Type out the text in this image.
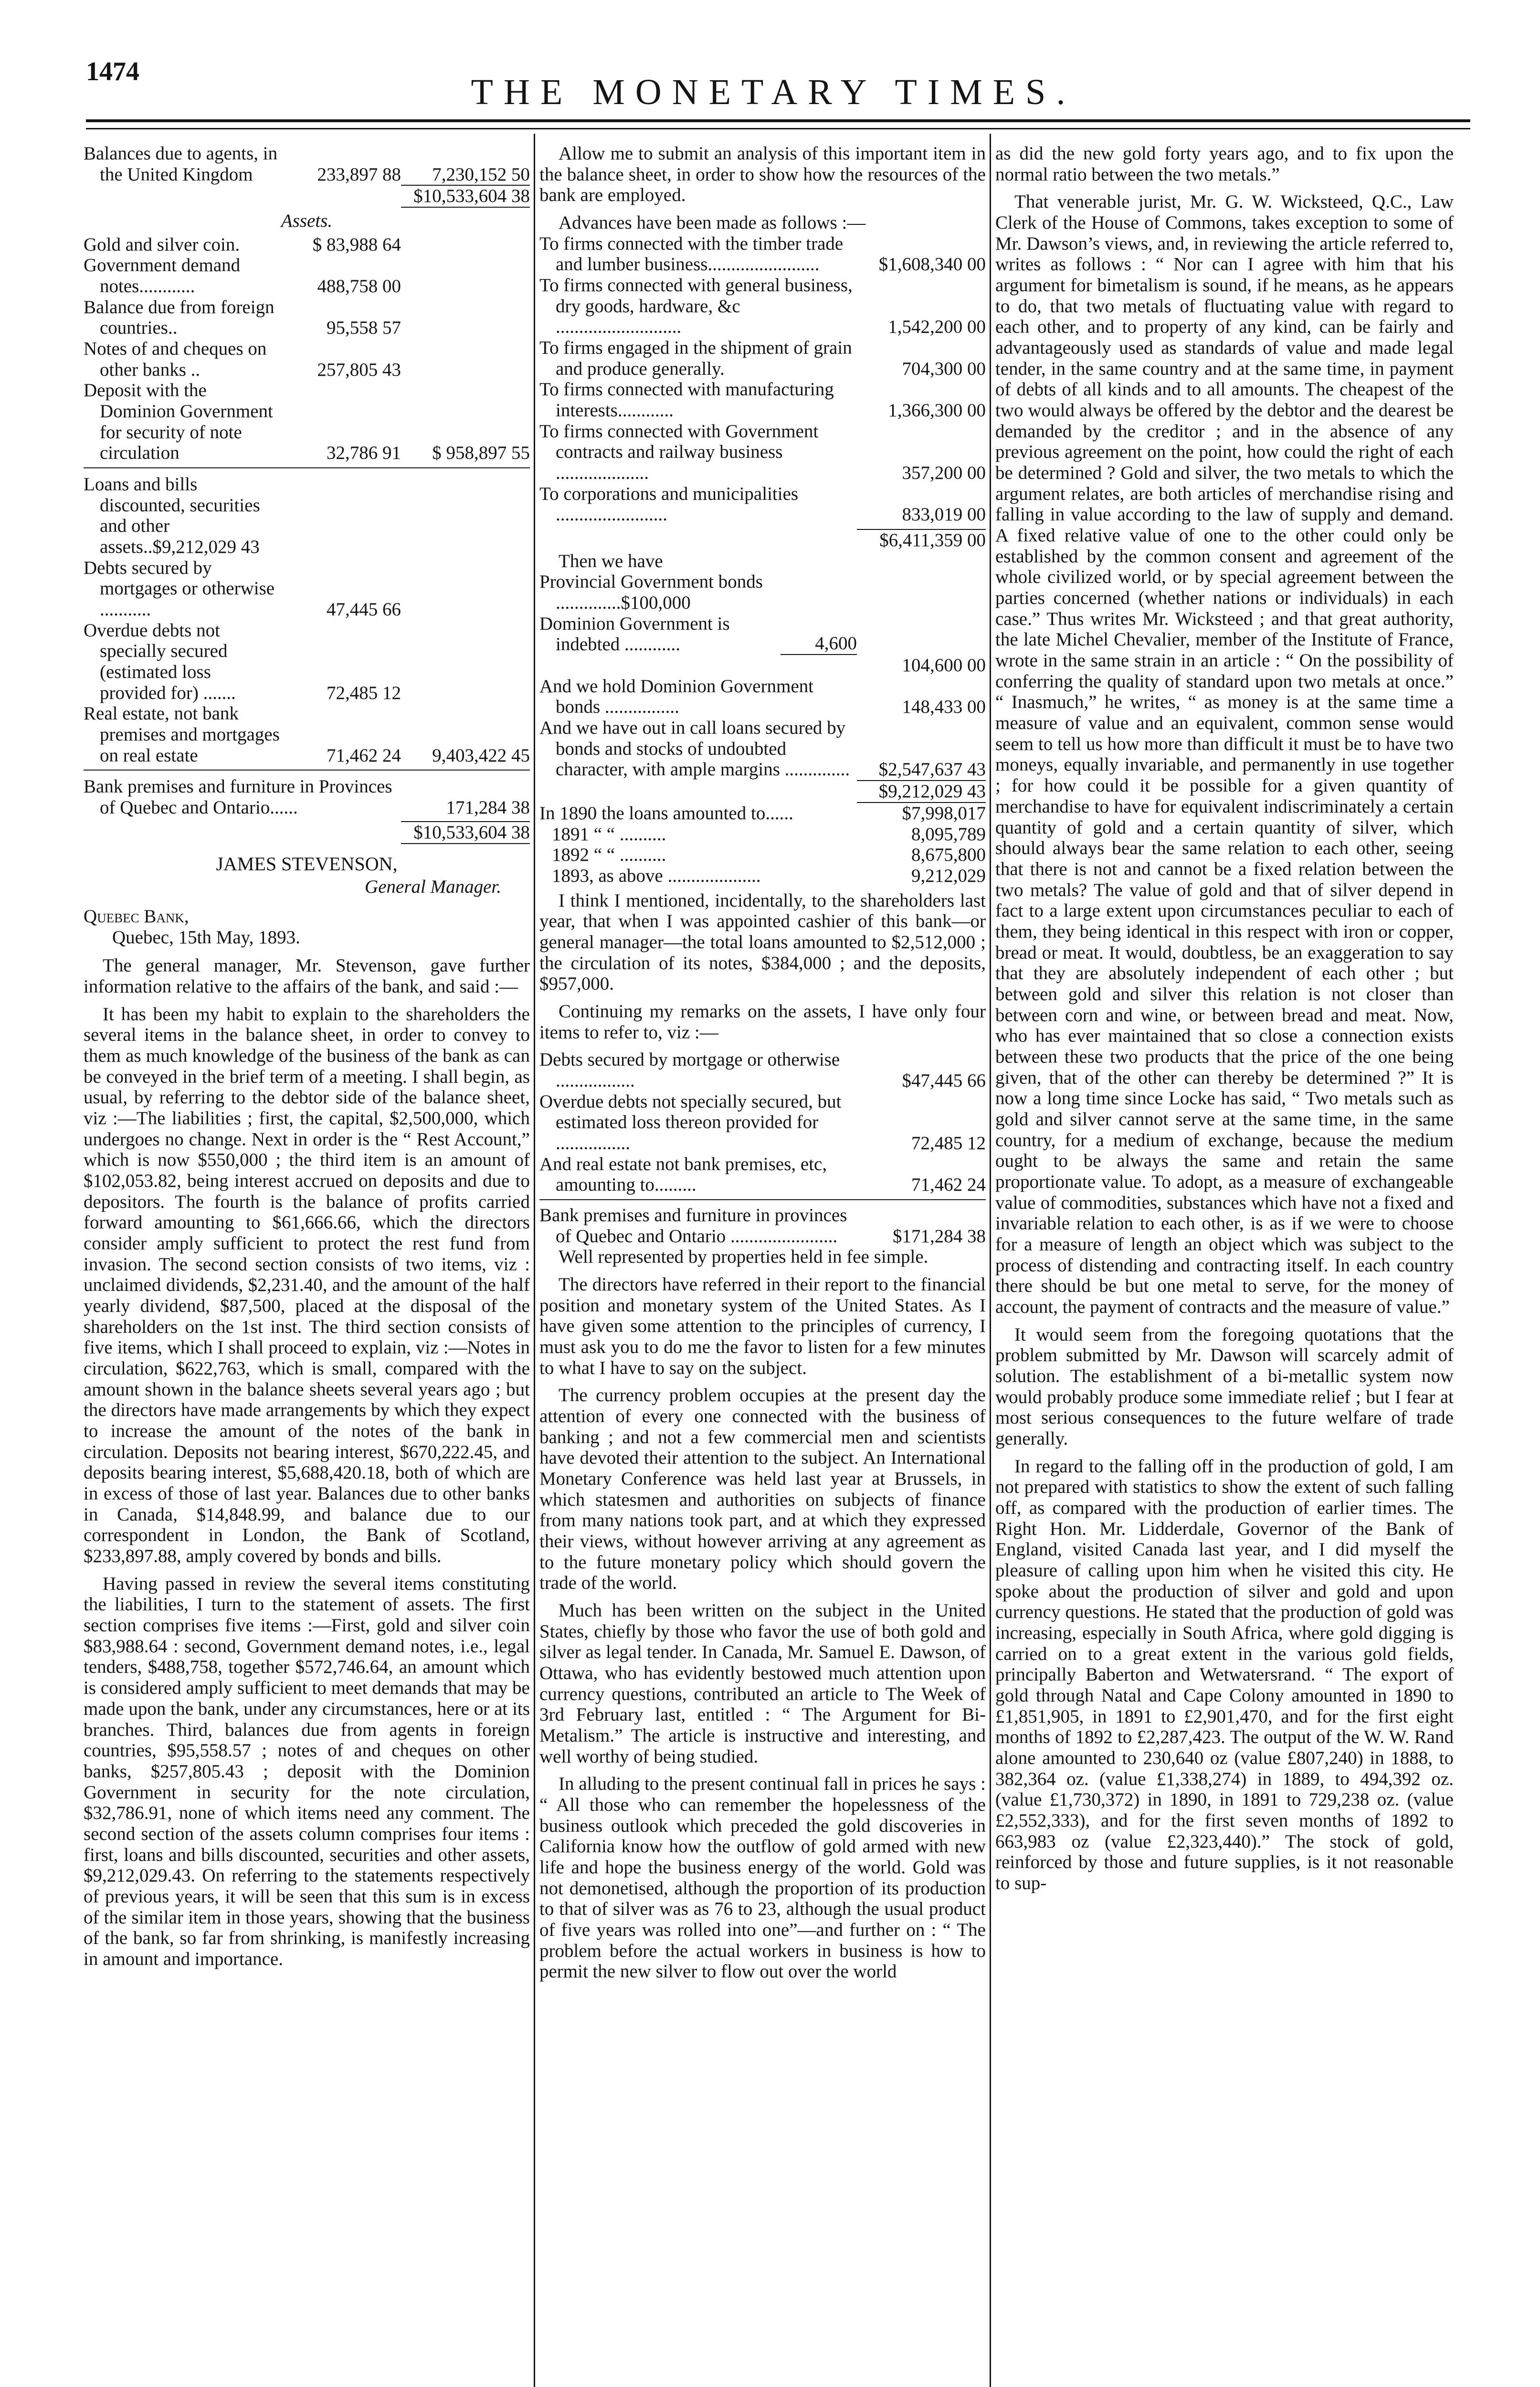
1474
THE MONETARY TIMES.
Balances due to agents, in the United Kingdom	233,897 88	7,230,152 50
$10,533,604 38
Assets.
Gold and silver coin.	$ 83,988 64
Government demand notes............	488,758 00
Balance due from foreign countries..	95,558 57
Notes of and cheques on other banks ..	257,805 43
Deposit with the Dominion Government for security of note circulation	32,786 91	$ 958,897 55
Loans and bills discounted, securities and other assets..$9,212,029 43
Debts secured by mortgages or otherwise ...........	47,445 66
Overdue debts not specially secured (estimated loss provided for) .......	72,485 12
Real estate, not bank premises and mortgages on real estate	71,462 24	9,403,422 45
Bank premises and furniture in Provinces of Quebec and Ontario......	171,284 38
$10,533,604 38
JAMES STEVENSON,
General Manager.
Quebec Bank,
Quebec, 15th May, 1893.

The general manager, Mr. Stevenson, gave further information relative to the affairs of the bank, and said :—

It has been my habit to explain to the shareholders the several items in the balance sheet, in order to convey to them as much knowledge of the business of the bank as can be conveyed in the brief term of a meeting. I shall begin, as usual, by referring to the debtor side of the balance sheet, viz :—The liabilities ; first, the capital, $2,500,000, which undergoes no change. Next in order is the “ Rest Account,” which is now $550,000 ; the third item is an amount of $102,053.82, being interest accrued on deposits and due to depositors. The fourth is the balance of profits carried forward amounting to $61,666.66, which the directors consider amply sufficient to protect the rest fund from invasion. The second section consists of two items, viz : unclaimed dividends, $2,231.40, and the amount of the half yearly dividend, $87,500, placed at the disposal of the shareholders on the 1st inst. The third section consists of five items, which I shall proceed to explain, viz :—Notes in circulation, $622,763, which is small, compared with the amount shown in the balance sheets several years ago ; but the directors have made arrangements by which they expect to increase the amount of the notes of the bank in circulation. Deposits not bearing interest, $670,222.45, and deposits bearing interest, $5,688,420.18, both of which are in excess of those of last year. Balances due to other banks in Canada, $14,848.99, and balance due to our correspondent in London, the Bank of Scotland, $233,897.88, amply covered by bonds and bills.

Having passed in review the several items constituting the liabilities, I turn to the statement of assets. The first section comprises five items :—First, gold and silver coin $83,988.64 : second, Government demand notes, i.e., legal tenders, $488,758, together $572,746.64, an amount which is considered amply sufficient to meet demands that may be made upon the bank, under any circumstances, here or at its branches. Third, balances due from agents in foreign countries, $95,558.57 ; notes of and cheques on other banks, $257,805.43 ; deposit with the Dominion Government in security for the note circulation, $32,786.91, none of which items need any comment. The second section of the assets column comprises four items : first, loans and bills discounted, securities and other assets, $9,212,029.43. On referring to the statements respectively of previous years, it will be seen that this sum is in excess of the similar item in those years, showing that the business of the bank, so far from shrinking, is manifestly increasing in amount and importance.

Allow me to submit an analysis of this important item in the balance sheet, in order to show how the resources of the bank are employed.

Advances have been made as follows :—
To firms connected with the timber trade and lumber business........................	$1,608,340 00
To firms connected with general business, dry goods, hardware, &c ...........................	1,542,200 00
To firms engaged in the shipment of grain and produce generally.	704,300 00
To firms connected with manufacturing interests............	1,366,300 00
To firms connected with Government contracts and railway business ....................	357,200 00
To corporations and municipalities ........................	833,019 00
$6,411,359 00
Then we have
Provincial Government bonds ..............$100,000
Dominion Government is indebted ............	4,600
104,600 00
And we hold Dominion Government bonds ................	148,433 00
And we have out in call loans secured by bonds and stocks of undoubted character, with ample margins ..............	$2,547,637 43
$9,212,029 43
In 1890 the loans amounted to......	$7,998,017
1891 “ “ ..........	8,095,789
1892 “ “ ..........	8,675,800
1893, as above ....................	9,212,029

I think I mentioned, incidentally, to the shareholders last year, that when I was appointed cashier of this bank—or general manager—the total loans amounted to $2,512,000 ; the circulation of its notes, $384,000 ; and the deposits, $957,000.

Continuing my remarks on the assets, I have only four items to refer to, viz :—

Debts secured by mortgage or otherwise .................	$47,445 66
Overdue debts not specially secured, but estimated loss thereon provided for ................	72,485 12
And real estate not bank premises, etc, amounting to.........	71,462 24
Bank premises and furniture in provinces of Quebec and Ontario .......................	$171,284 38

Well represented by properties held in fee simple.

The directors have referred in their report to the financial position and monetary system of the United States. As I have given some attention to the principles of currency, I must ask you to do me the favor to listen for a few minutes to what I have to say on the subject.

The currency problem occupies at the present day the attention of every one connected with the business of banking ; and not a few commercial men and scientists have devoted their attention to the subject. An International Monetary Conference was held last year at Brussels, in which statesmen and authorities on subjects of finance from many nations took part, and at which they expressed their views, without however arriving at any agreement as to the future monetary policy which should govern the trade of the world.

Much has been written on the subject in the United States, chiefly by those who favor the use of both gold and silver as legal tender. In Canada, Mr. Samuel E. Dawson, of Ottawa, who has evidently bestowed much attention upon currency questions, contributed an article to The Week of 3rd February last, entitled : “ The Argument for Bi-Metalism.” The article is instructive and interesting, and well worthy of being studied.

In alluding to the present continual fall in prices he says : “ All those who can remember the hopelessness of the business outlook which preceded the gold discoveries in California know how the outflow of gold armed with new life and hope the business energy of the world. Gold was not demonetised, although the proportion of its production to that of silver was as 76 to 23, although the usual product of five years was rolled into one”—and further on : “ The problem before the actual workers in business is how to permit the new silver to flow out over the world

as did the new gold forty years ago, and to fix upon the normal ratio between the two metals.”

That venerable jurist, Mr. G. W. Wicksteed, Q.C., Law Clerk of the House of Commons, takes exception to some of Mr. Dawson’s views, and, in reviewing the article referred to, writes as follows : “ Nor can I agree with him that his argument for bimetalism is sound, if he means, as he appears to do, that two metals of fluctuating value with regard to each other, and to property of any kind, can be fairly and advantageously used as standards of value and made legal tender, in the same country and at the same time, in payment of debts of all kinds and to all amounts. The cheapest of the two would always be offered by the debtor and the dearest be demanded by the creditor ; and in the absence of any previous agreement on the point, how could the right of each be determined ? Gold and silver, the two metals to which the argument relates, are both articles of merchandise rising and falling in value according to the law of supply and demand. A fixed relative value of one to the other could only be established by the common consent and agreement of the whole civilized world, or by special agreement between the parties concerned (whether nations or individuals) in each case.” Thus writes Mr. Wicksteed ; and that great authority, the late Michel Chevalier, member of the Institute of France, wrote in the same strain in an article : “ On the possibility of conferring the quality of standard upon two metals at once.” “ Inasmuch,” he writes, “ as money is at the same time a measure of value and an equivalent, common sense would seem to tell us how more than difficult it must be to have two moneys, equally invariable, and permanently in use together ; for how could it be possible for a given quantity of merchandise to have for equivalent indiscriminately a certain quantity of gold and a certain quantity of silver, which should always bear the same relation to each other, seeing that there is not and cannot be a fixed relation between the two metals? The value of gold and that of silver depend in fact to a large extent upon circumstances peculiar to each of them, they being identical in this respect with iron or copper, bread or meat. It would, doubtless, be an exaggeration to say that they are absolutely independent of each other ; but between gold and silver this relation is not closer than between corn and wine, or between bread and meat. Now, who has ever maintained that so close a connection exists between these two products that the price of the one being given, that of the other can thereby be determined ?” It is now a long time since Locke has said, “ Two metals such as gold and silver cannot serve at the same time, in the same country, for a medium of exchange, because the medium ought to be always the same and retain the same proportionate value. To adopt, as a measure of exchangeable value of commodities, substances which have not a fixed and invariable relation to each other, is as if we were to choose for a measure of length an object which was subject to the process of distending and contracting itself. In each country there should be but one metal to serve, for the money of account, the payment of contracts and the measure of value.”

It would seem from the foregoing quotations that the problem submitted by Mr. Dawson will scarcely admit of solution. The establishment of a bi-metallic system now would probably produce some immediate relief ; but I fear at most serious consequences to the future welfare of trade generally.

In regard to the falling off in the production of gold, I am not prepared with statistics to show the extent of such falling off, as compared with the production of earlier times. The Right Hon. Mr. Lidderdale, Governor of the Bank of England, visited Canada last year, and I did myself the pleasure of calling upon him when he visited this city. He spoke about the production of silver and gold and upon currency questions. He stated that the production of gold was increasing, especially in South Africa, where gold digging is carried on to a great extent in the various gold fields, principally Baberton and Wetwatersrand. “ The export of gold through Natal and Cape Colony amounted in 1890 to £1,851,905, in 1891 to £2,901,470, and for the first eight months of 1892 to £2,287,423. The output of the W. W. Rand alone amounted to 230,640 oz (value £807,240) in 1888, to 382,364 oz. (value £1,338,274) in 1889, to 494,392 oz. (value £1,730,372) in 1890, in 1891 to 729,238 oz. (value £2,552,333), and for the first seven months of 1892 to 663,983 oz (value £2,323,440).” The stock of gold, reinforced by those and future supplies, is it not reasonable to sup-
